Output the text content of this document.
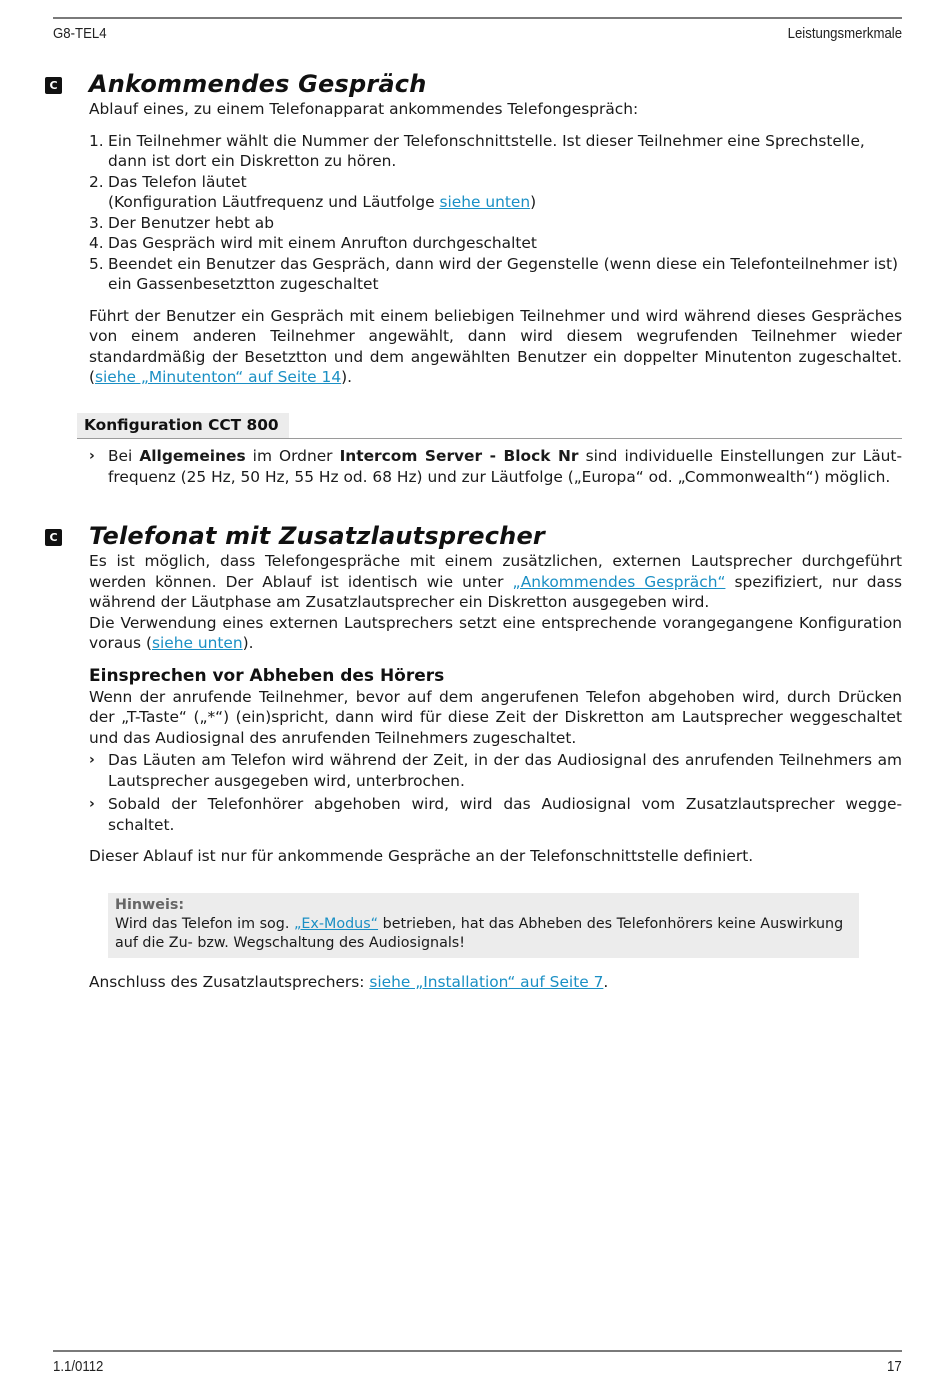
G8-TEL4	Leistungsmerkmale
C Ankommendes Gespräch

Ablauf eines, zu einem Telefonapparat ankommendes Telefongespräch:

1. Ein Teilnehmer wählt die Nummer der Telefonschnittstelle. Ist dieser Teilnehmer eine Sprechstelle, dann ist dort ein Diskretton zu hören.
2. Das Telefon läutet
(Konfiguration Läutfrequenz und Läutfolge siehe unten)
3. Der Benutzer hebt ab
4. Das Gespräch wird mit einem Anrufton durchgeschaltet
5. Beendet ein Benutzer das Gespräch, dann wird der Gegenstelle (wenn diese ein Telefonteilnehmer ist) ein Gassenbesetztton zugeschaltet

Führt der Benutzer ein Gespräch mit einem beliebigen Teilnehmer und wird während dieses Gespräches von einem anderen Teilnehmer angewählt, dann wird diesem wegrufenden Teilnehmer wieder standardmäßig der Besetztton und dem angewählten Benutzer ein doppelter Minutenton zugeschaltet. (siehe „Minutenton“ auf Seite 14).

Konfiguration CCT 800
› Bei Allgemeines im Ordner Intercom Server - Block Nr sind individuelle Einstellungen zur Läutfrequenz (25 Hz, 50 Hz, 55 Hz od. 68 Hz) und zur Läutfolge („Europa“ od. „Commonwealth“) möglich.
C Telefonat mit Zusatzlautsprecher

Es ist möglich, dass Telefongespräche mit einem zusätzlichen, externen Lautsprecher durchgeführt werden können. Der Ablauf ist identisch wie unter „Ankommendes Gespräch“ spezifiziert, nur dass während der Läutphase am Zusatzlautsprecher ein Diskretton ausgegeben wird.

Die Verwendung eines externen Lautsprechers setzt eine entsprechende vorangegangene Konfiguration voraus (siehe unten).

Einsprechen vor Abheben des Hörers

Wenn der anrufende Teilnehmer, bevor auf dem angerufenen Telefon abgehoben wird, durch Drücken der „T-Taste“ („*“) (ein)spricht, dann wird für diese Zeit der Diskretton am Lautsprecher weggeschaltet und das Audiosignal des anrufenden Teilnehmers zugeschaltet.

› Das Läuten am Telefon wird während der Zeit, in der das Audiosignal des anrufenden Teilnehmers am Lautsprecher ausgegeben wird, unterbrochen.
› Sobald der Telefonhörer abgehoben wird, wird das Audiosignal vom Zusatzlautsprecher weggeschaltet.

Dieser Ablauf ist nur für ankommende Gespräche an der Telefonschnittstelle definiert.

Hinweis:
Wird das Telefon im sog. „Ex-Modus“ betrieben, hat das Abheben des Telefonhörers keine Auswirkung auf die Zu- bzw. Wegschaltung des Audiosignals!

Anschluss des Zusatzlautsprechers: siehe „Installation“ auf Seite 7.

1.1/0112	17
